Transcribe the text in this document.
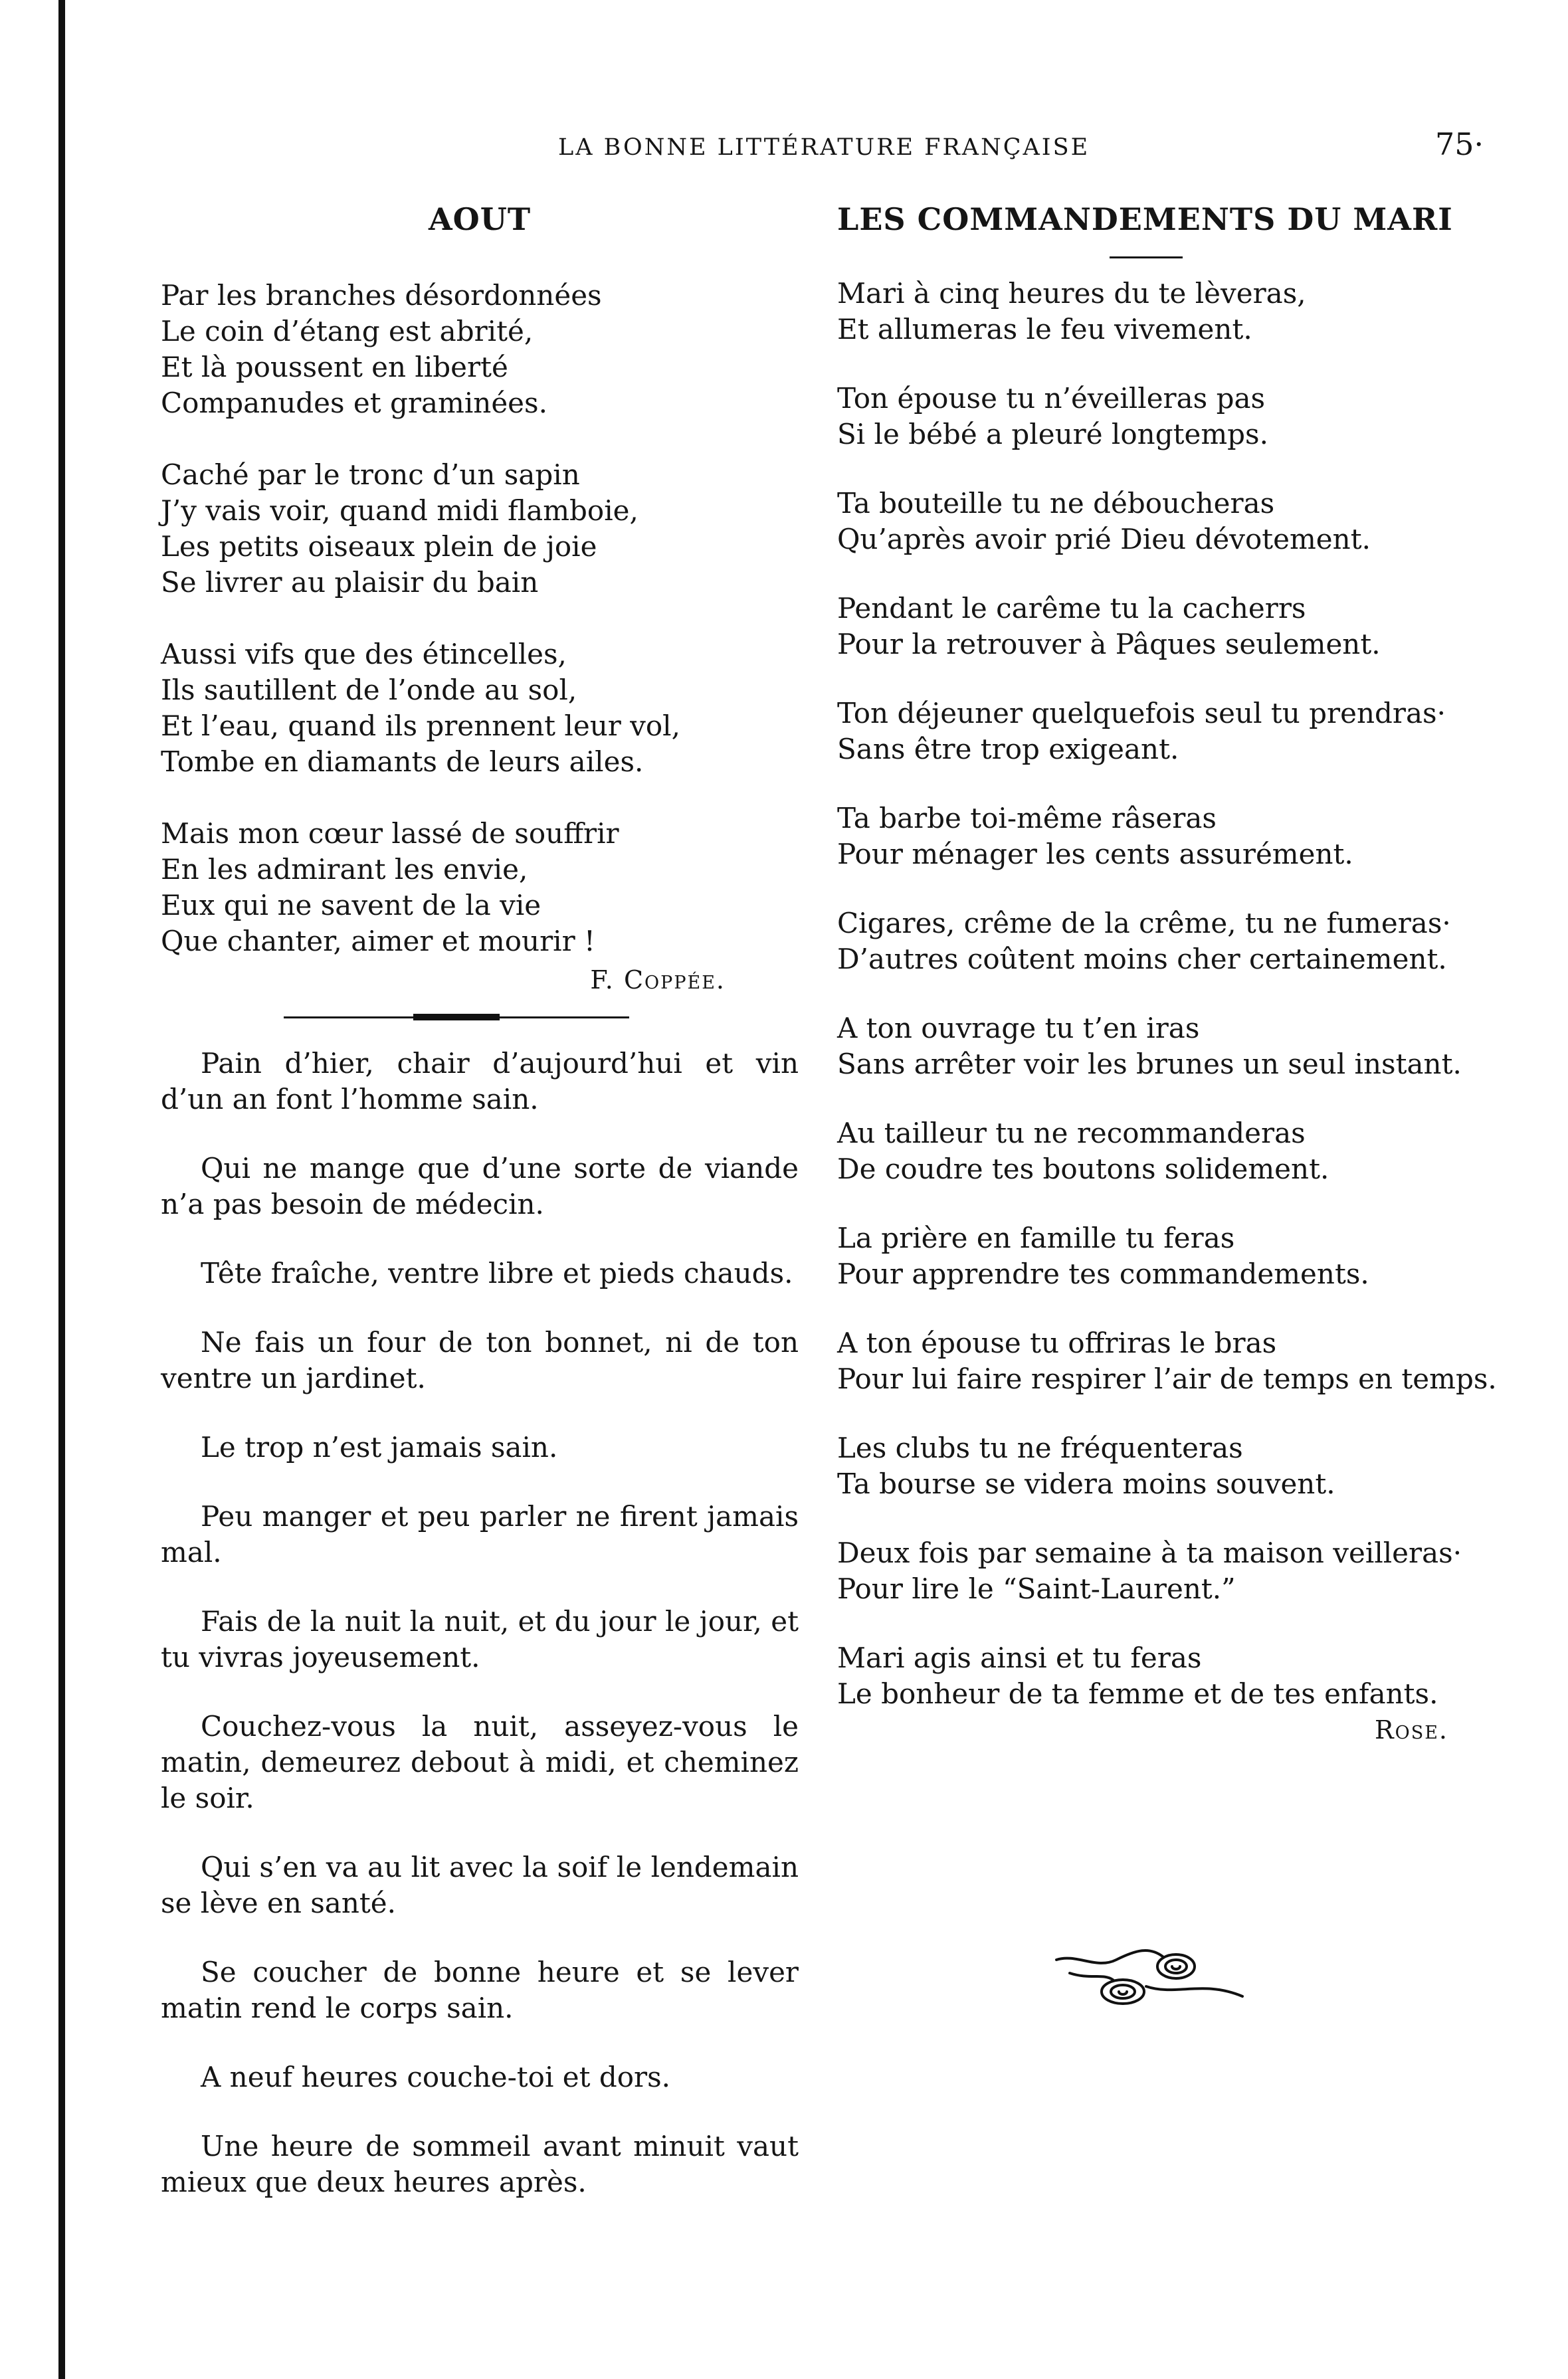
LA BONNE LITTÉRATURE FRANÇAISE	75·
AOUT
Par les branches désordonnées
Le coin d’étang est abrité,
Et là poussent en liberté
Companudes et graminées.
Caché par le tronc d’un sapin
J’y vais voir, quand midi flamboie,
Les petits oiseaux plein de joie
Se livrer au plaisir du bain
Aussi vifs que des étincelles,
Ils sautillent de l’onde au sol,
Et l’eau, quand ils prennent leur vol,
Tombe en diamants de leurs ailes.
Mais mon cœur lassé de souffrir
En les admirant les envie,
Eux qui ne savent de la vie
Que chanter, aimer et mourir !
F. Coppée.

Pain d’hier, chair d’aujourd’hui et vin d’un an font l’homme sain.

Qui ne mange que d’une sorte de viande n’a pas besoin de médecin.

Tête fraîche, ventre libre et pieds chauds.

Ne fais un four de ton bonnet, ni de ton ventre un jardinet.

Le trop n’est jamais sain.

Peu manger et peu parler ne firent jamais mal.

Fais de la nuit la nuit, et du jour le jour, et tu vivras joyeusement.

Couchez-vous la nuit, asseyez-vous le matin, demeurez debout à midi, et cheminez le soir.

Qui s’en va au lit avec la soif le lendemain se lève en santé.

Se coucher de bonne heure et se lever matin rend le corps sain.

A neuf heures couche-toi et dors.

Une heure de sommeil avant minuit vaut mieux que deux heures après.

LES COMMANDEMENTS DU MARI
Mari à cinq heures du te lèveras,
Et allumeras le feu vivement.
Ton épouse tu n’éveilleras pas
Si le bébé a pleuré longtemps.
Ta bouteille tu ne déboucheras
Qu’après avoir prié Dieu dévotement.
Pendant le carême tu la cacherrs
Pour la retrouver à Pâques seulement.
Ton déjeuner quelquefois seul tu prendras·
Sans être trop exigeant.
Ta barbe toi-même râseras
Pour ménager les cents assurément.
Cigares, crême de la crême, tu ne fumeras·
D’autres coûtent moins cher certainement.
A ton ouvrage tu t’en iras
Sans arrêter voir les brunes un seul instant.
Au tailleur tu ne recommanderas
De coudre tes boutons solidement.
La prière en famille tu feras
Pour apprendre tes commandements.
A ton épouse tu offriras le bras
Pour lui faire respirer l’air de temps en temps.
Les clubs tu ne fréquenteras
Ta bourse se videra moins souvent.
Deux fois par semaine à ta maison veilleras·
Pour lire le “Saint-Laurent.”
Mari agis ainsi et tu feras
Le bonheur de ta femme et de tes enfants.
Rose.
